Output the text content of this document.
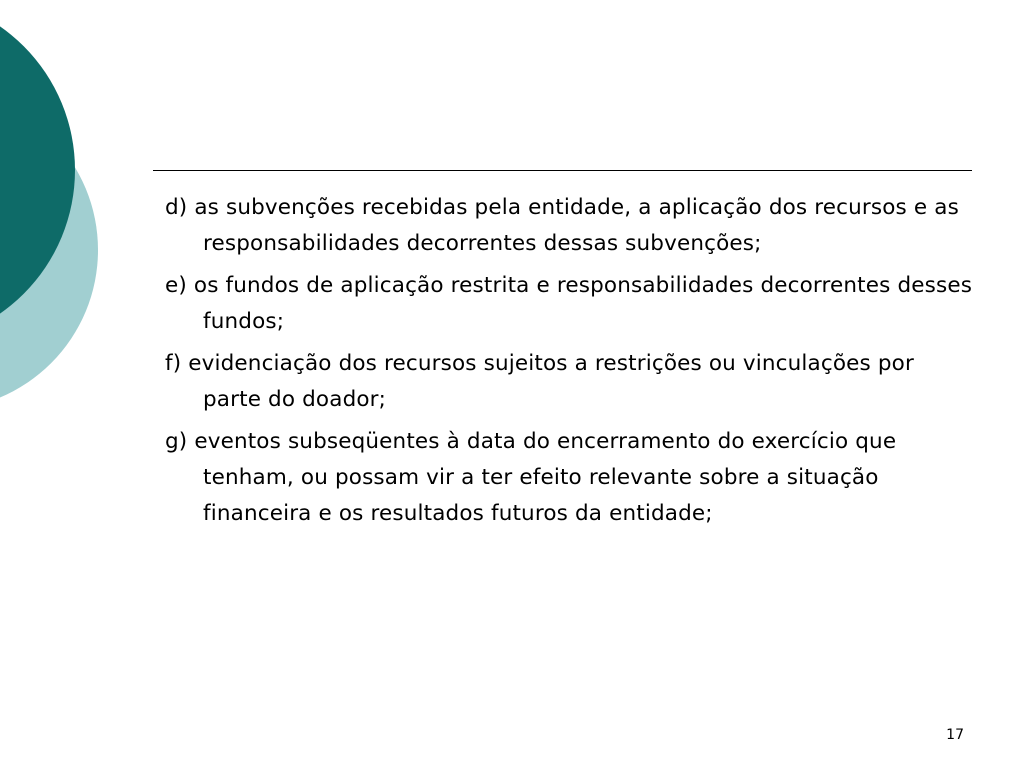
d) as subvenções recebidas pela entidade, a aplicação dos recursos e as responsabilidades decorrentes dessas subvenções;

e) os fundos de aplicação restrita e responsabilidades decorrentes desses fundos;

f) evidenciação dos recursos sujeitos a restrições ou vinculações por parte do doador;

g) eventos subseqüentes à data do encerramento do exercício que tenham, ou possam vir a ter efeito relevante sobre a situação financeira e os resultados futuros da entidade;

17
